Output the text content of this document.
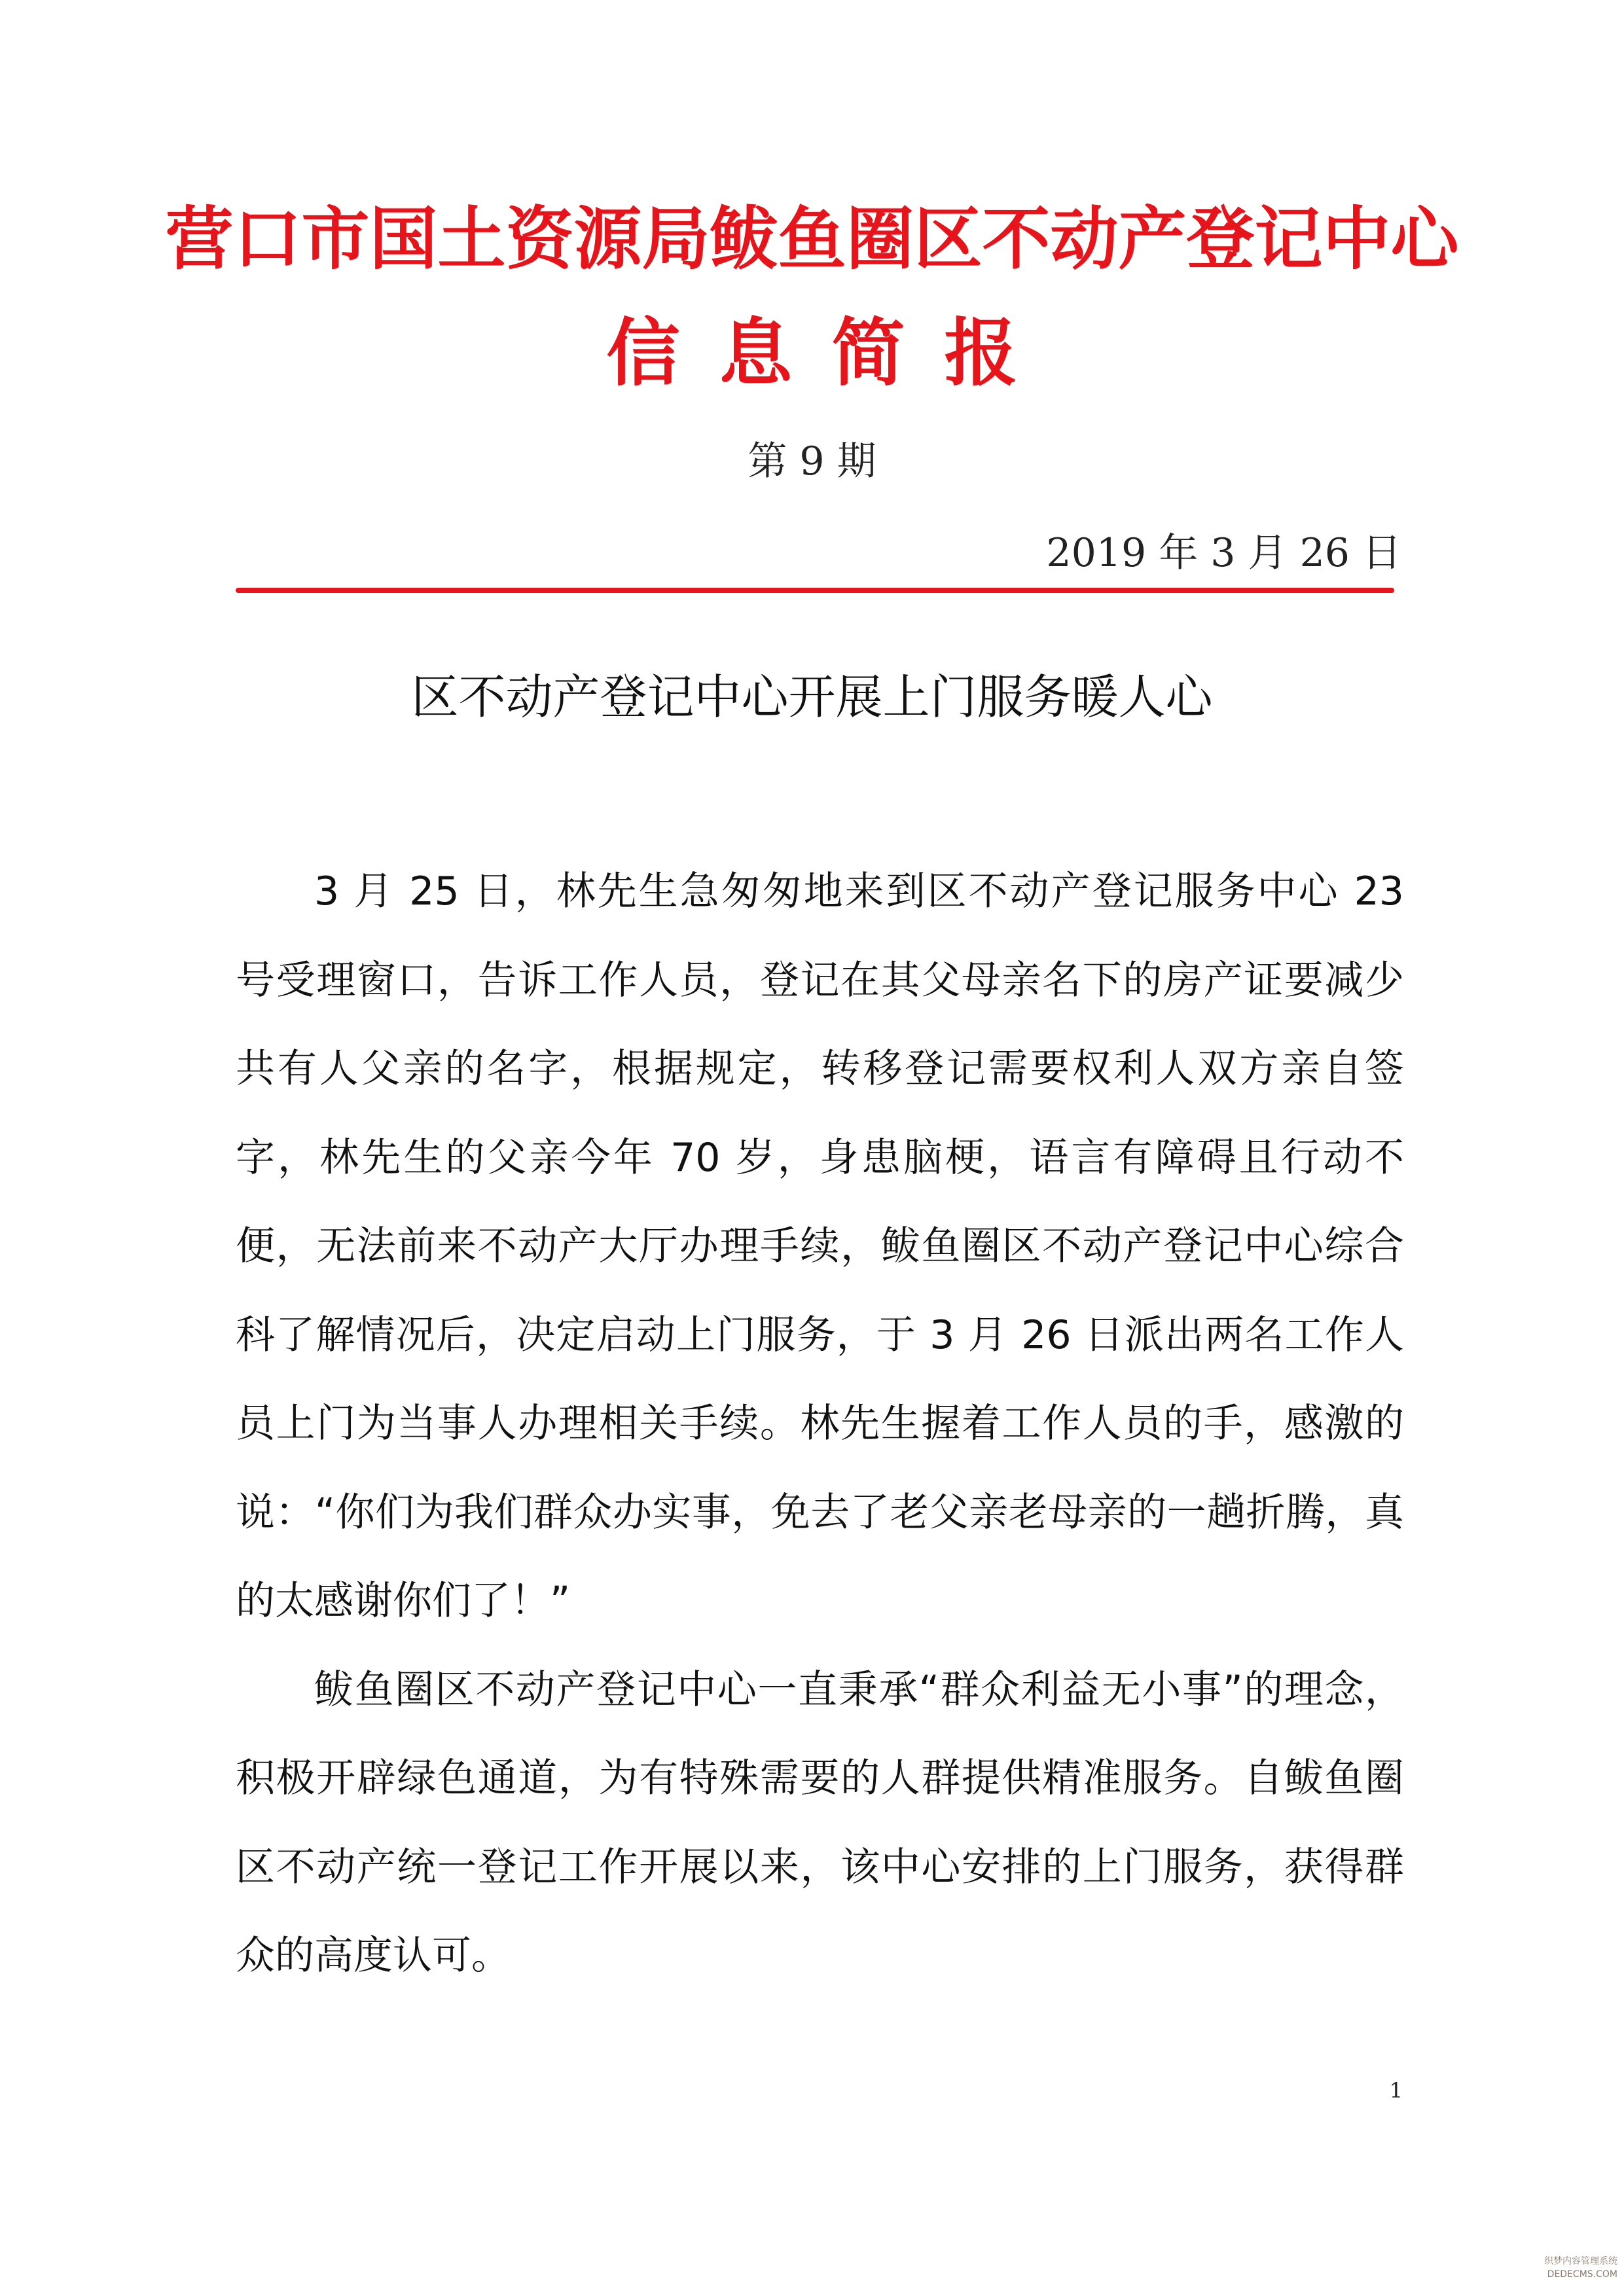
营口市国土资源局鲅鱼圈区不动产登记中心
信息简报
第 9 期
2019 年 3 月 26 日
区不动产登记中心开展上门服务暖人心

3 月 25 日，林先生急匆匆地来到区不动产登记服务中心 23 号受理窗口，告诉工作人员，登记在其父母亲名下的房产证要减少共有人父亲的名字，根据规定，转移登记需要权利人双方亲自签字，林先生的父亲今年 70 岁，身患脑梗，语言有障碍且行动不便，无法前来不动产大厅办理手续，鲅鱼圈区不动产登记中心综合科了解情况后，决定启动上门服务，于 3 月 26 日派出两名工作人员上门为当事人办理相关手续。林先生握着工作人员的手，感激的说：“你们为我们群众办实事，免去了老父亲老母亲的一趟折腾，真的太感谢你们了！”

鲅鱼圈区不动产登记中心一直秉承“群众利益无小事”的理念，积极开辟绿色通道，为有特殊需要的人群提供精准服务。自鲅鱼圈区不动产统一登记工作开展以来，该中心安排的上门服务，获得群众的高度认可。

1
织梦内容管理系统
DEDECMS.COM
